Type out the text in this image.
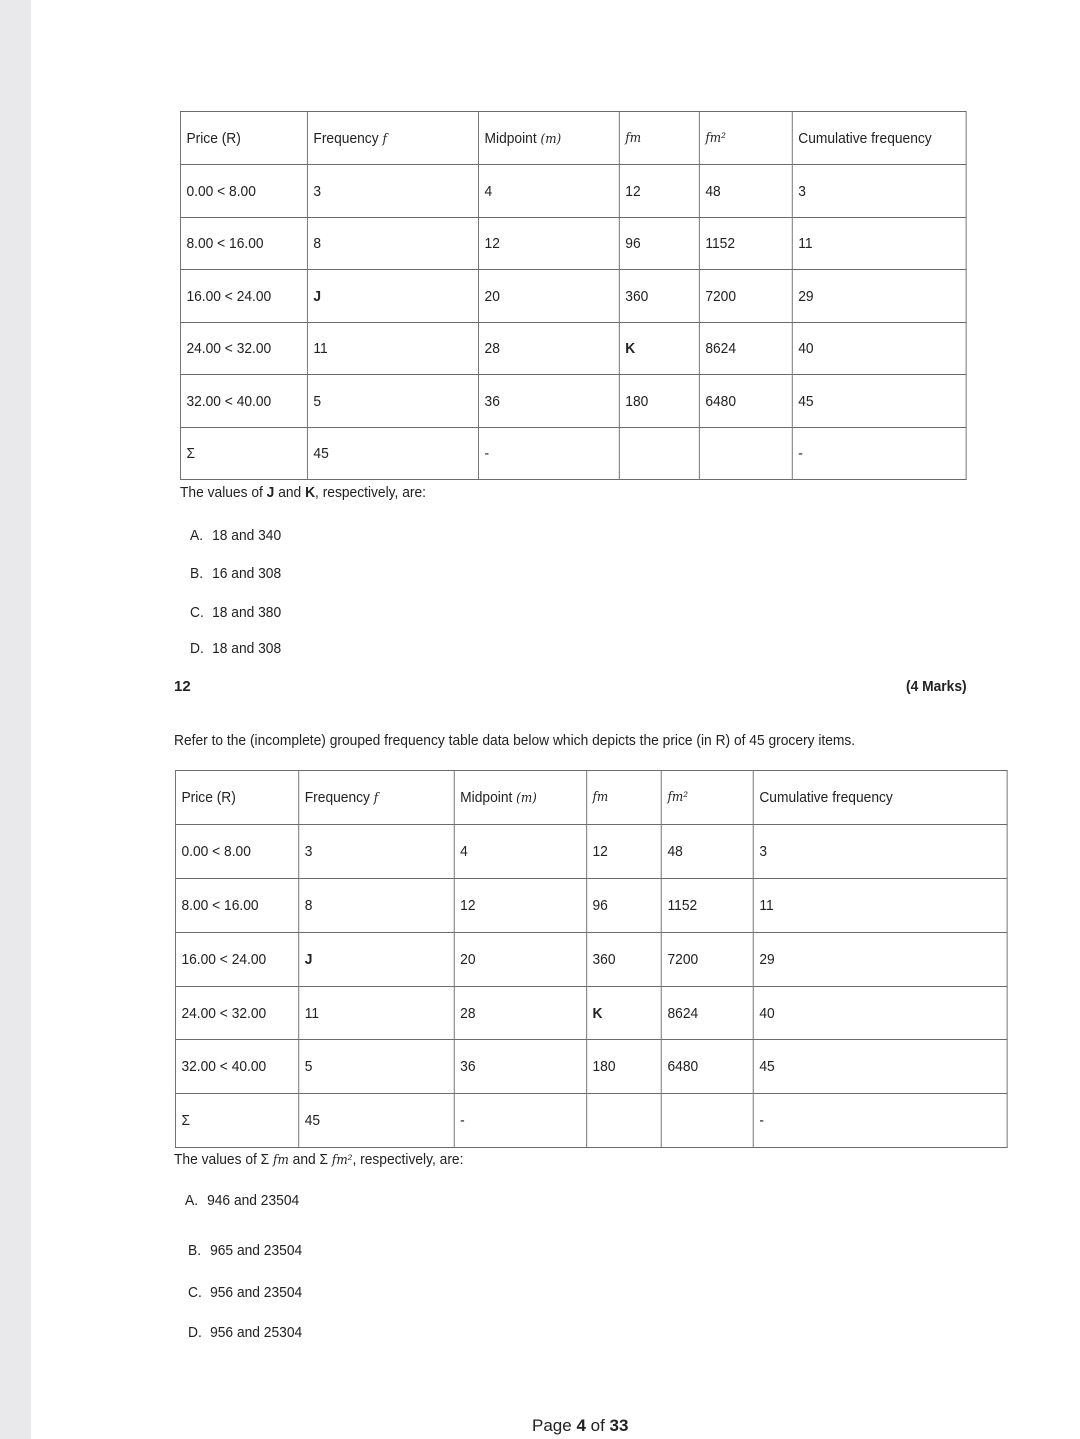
Price (R)	Frequency f	Midpoint (m)	fm	fm²	Cumulative frequency
0.00 < 8.00	3	4	12	48	3
8.00 < 16.00	8	12	96	1152	11
16.00 < 24.00	J	20	360	7200	29
24.00 < 32.00	11	28	K	8624	40
32.00 < 40.00	5	36	180	6480	45
Σ	45	-			-
The values of J and K, respectively, are:
A. 18 and 340
B. 16 and 308
C. 18 and 380
D. 18 and 308
12	(4 Marks)
Refer to the (incomplete) grouped frequency table data below which depicts the price (in R) of 45 grocery items.
Price (R)	Frequency f	Midpoint (m)	fm	fm²	Cumulative frequency
0.00 < 8.00	3	4	12	48	3
8.00 < 16.00	8	12	96	1152	11
16.00 < 24.00	J	20	360	7200	29
24.00 < 32.00	11	28	K	8624	40
32.00 < 40.00	5	36	180	6480	45
Σ	45	-			-
The values of Σ fm and Σ fm², respectively, are:
A. 946 and 23504
B. 965 and 23504
C. 956 and 23504
D. 956 and 25304
Page 4 of 33
